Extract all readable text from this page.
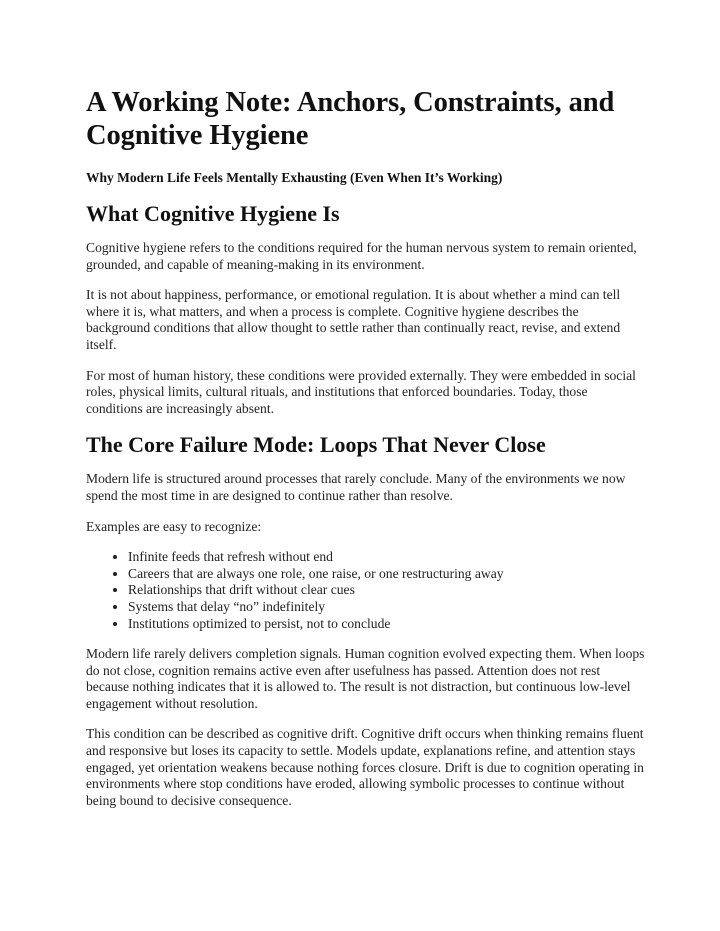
A Working Note: Anchors, Constraints, and Cognitive Hygiene
Why Modern Life Feels Mentally Exhausting (Even When It’s Working)
What Cognitive Hygiene Is

Cognitive hygiene refers to the conditions required for the human nervous system to remain oriented, grounded, and capable of meaning-making in its environment.

It is not about happiness, performance, or emotional regulation. It is about whether a mind can tell where it is, what matters, and when a process is complete. Cognitive hygiene describes the background conditions that allow thought to settle rather than continually react, revise, and extend itself.

For most of human history, these conditions were provided externally. They were embedded in social roles, physical limits, cultural rituals, and institutions that enforced boundaries. Today, those conditions are increasingly absent.

The Core Failure Mode: Loops That Never Close

Modern life is structured around processes that rarely conclude. Many of the environments we now spend the most time in are designed to continue rather than resolve.

Examples are easy to recognize:

• Infinite feeds that refresh without end
• Careers that are always one role, one raise, or one restructuring away
• Relationships that drift without clear cues
• Systems that delay “no” indefinitely
• Institutions optimized to persist, not to conclude

Modern life rarely delivers completion signals. Human cognition evolved expecting them. When loops do not close, cognition remains active even after usefulness has passed. Attention does not rest because nothing indicates that it is allowed to. The result is not distraction, but continuous low-level engagement without resolution.

This condition can be described as cognitive drift. Cognitive drift occurs when thinking remains fluent and responsive but loses its capacity to settle. Models update, explanations refine, and attention stays engaged, yet orientation weakens because nothing forces closure. Drift is due to cognition operating in environments where stop conditions have eroded, allowing symbolic processes to continue without being bound to decisive consequence.
